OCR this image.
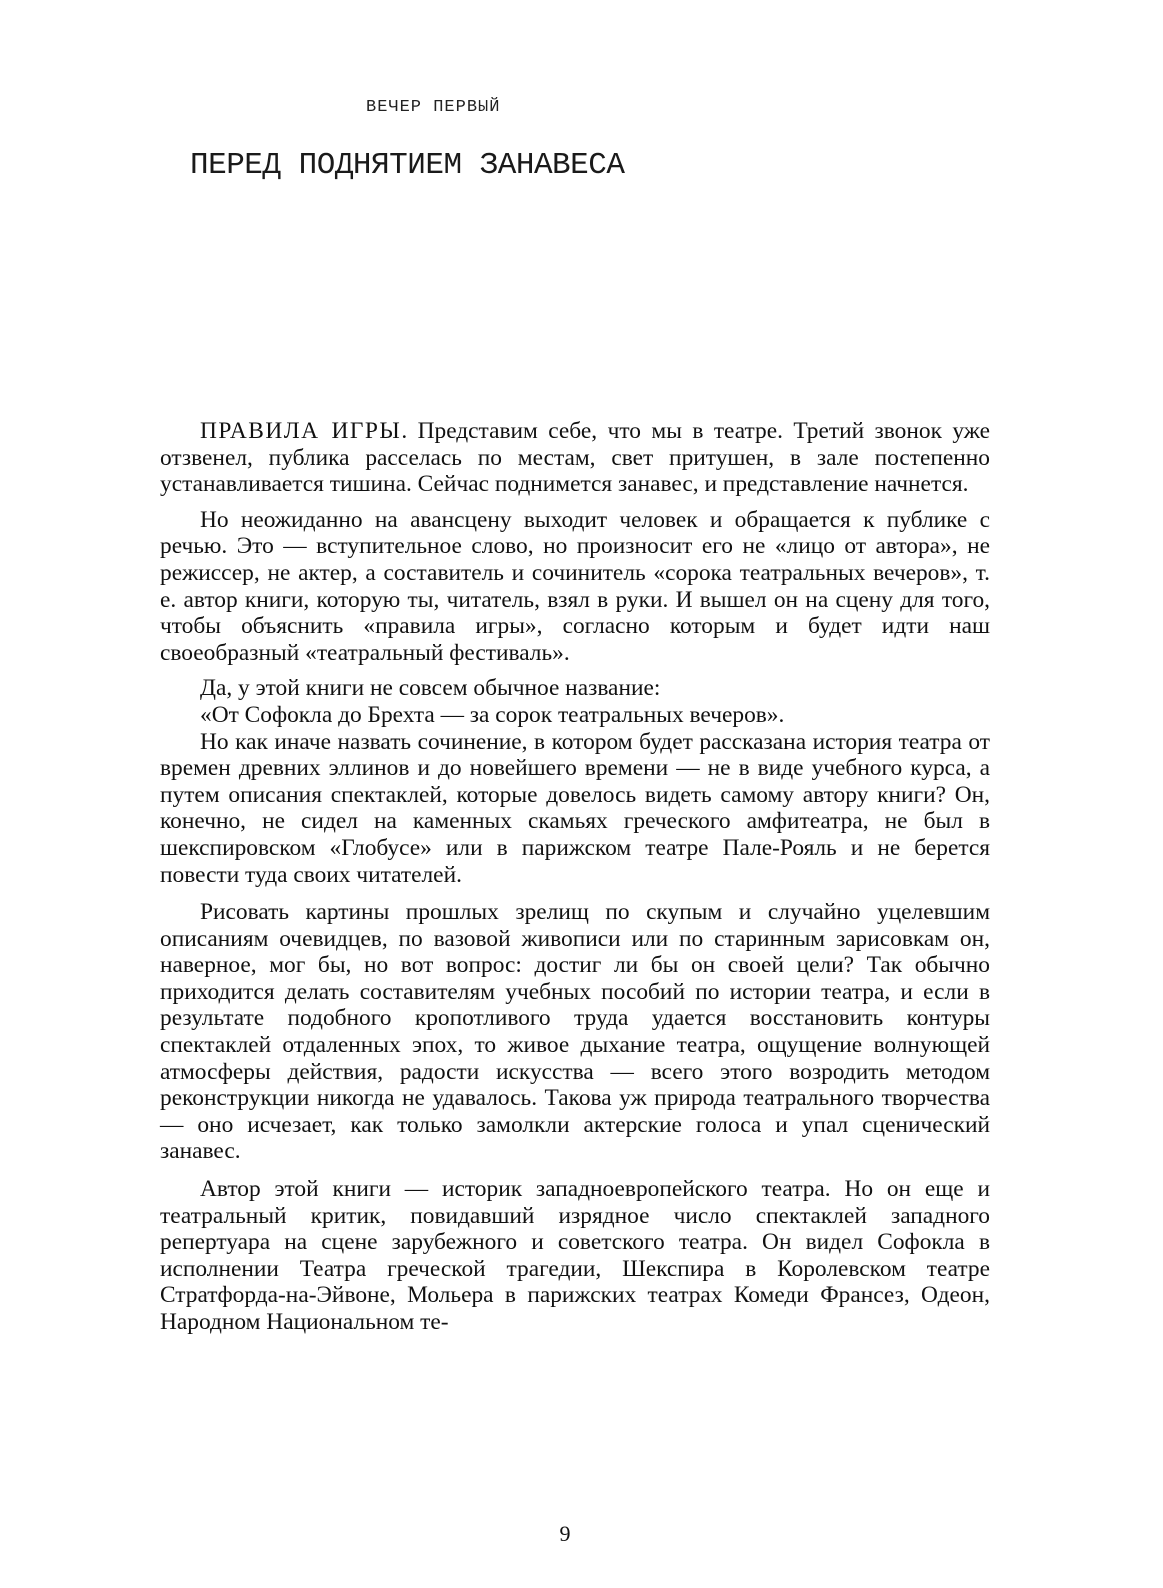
ВЕЧЕР ПЕРВЫЙ
ПЕРЕД ПОДНЯТИЕМ ЗАНАВЕСА

ПРАВИЛА ИГРЫ. Представим себе, что мы в театре. Третий звонок уже отзвенел, публика расселась по местам, свет притушен, в зале постепенно устанавливается тишина. Сейчас поднимется занавес, и представление начнется.

Но неожиданно на авансцену выходит человек и обращается к публике с речью. Это — вступительное слово, но произносит его не «лицо от автора», не режиссер, не актер, а составитель и сочинитель «сорока театральных вечеров», т. е. автор книги, которую ты, читатель, взял в руки. И вышел он на сцену для того, чтобы объяснить «правила игры», согласно которым и будет идти наш своеобразный «театральный фестиваль».

Да, у этой книги не совсем обычное название:

«От Софокла до Брехта — за сорок театральных вечеров».

Но как иначе назвать сочинение, в котором будет рассказана история театра от времен древних эллинов и до новейшего времени — не в виде учебного курса, а путем описания спектаклей, которые довелось видеть самому автору книги? Он, конечно, не сидел на каменных скамьях греческого амфитеатра, не был в шекспировском «Глобусе» или в парижском театре Пале-Рояль и не берется повести туда своих читателей.

Рисовать картины прошлых зрелищ по скупым и случайно уцелевшим описаниям очевидцев, по вазовой живописи или по старинным зарисовкам он, наверное, мог бы, но вот вопрос: достиг ли бы он своей цели? Так обычно приходится делать составителям учебных пособий по истории театра, и если в результате подобного кропотливого труда удается восстановить контуры спектаклей отдаленных эпох, то живое дыхание театра, ощущение волнующей атмосферы действия, радости искусства — всего этого возродить методом реконструкции никогда не удавалось. Такова уж природа театрального творчества — оно исчезает, как только замолкли актерские голоса и упал сценический занавес.

Автор этой книги — историк западноевропейского театра. Но он еще и театральный критик, повидавший изрядное число спектаклей западного репертуара на сцене зарубежного и советского театра. Он видел Софокла в исполнении Театра греческой трагедии, Шекспира в Королевском театре Стратфорда-на-Эйвоне, Мольера в парижских театрах Комеди Франсез, Одеон, Народном Национальном те-

9
